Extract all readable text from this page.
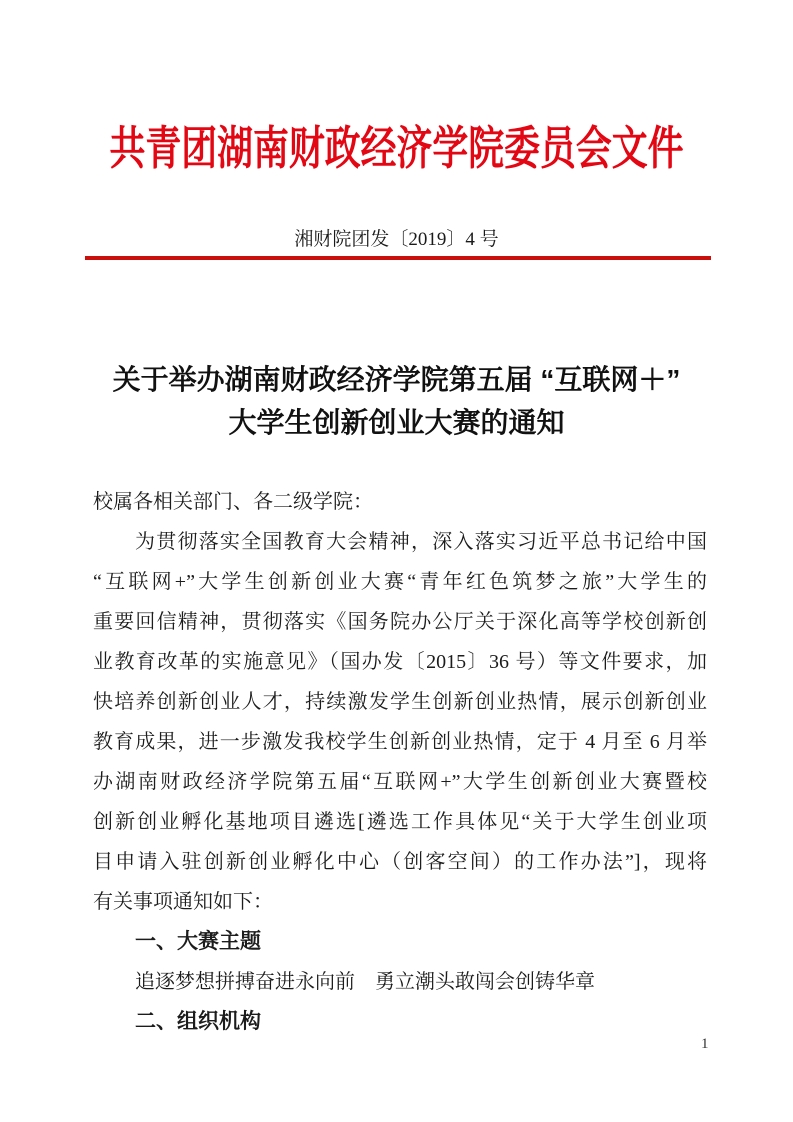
共青团湖南财政经济学院委员会文件
湘财院团发〔2019〕4 号
关于举办湖南财政经济学院第五届 “互联网＋”
大学生创新创业大赛的通知
校属各相关部门、各二级学院：
为贯彻落实全国教育大会精神，深入落实习近平总书记给中国
“互联网+”大学生创新创业大赛“青年红色筑梦之旅”大学生的
重要回信精神，贯彻落实《国务院办公厅关于深化高等学校创新创
业教育改革的实施意见》（国办发〔2015〕36 号）等文件要求，加
快培养创新创业人才，持续激发学生创新创业热情，展示创新创业
教育成果，进一步激发我校学生创新创业热情，定于 4 月至 6 月举
办湖南财政经济学院第五届“互联网+”大学生创新创业大赛暨校
创新创业孵化基地项目遴选[遴选工作具体见“关于大学生创业项
目申请入驻创新创业孵化中心（创客空间）的工作办法”]，现将
有关事项通知如下：
一、大赛主题
追逐梦想拼搏奋进永向前　勇立潮头敢闯会创铸华章
二、组织机构
1
